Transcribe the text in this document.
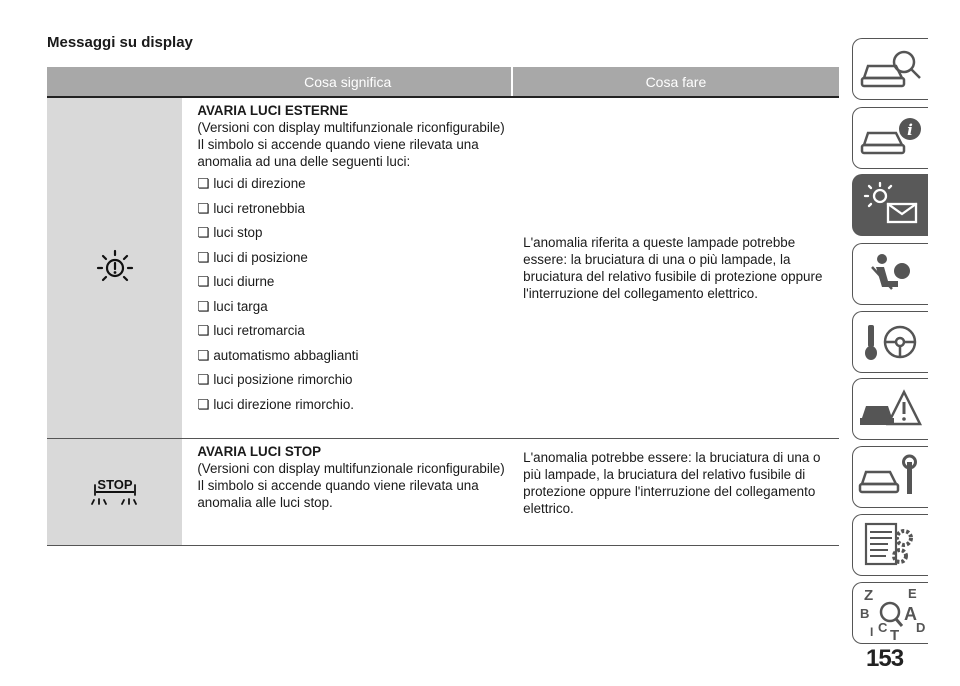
Messaggi su display
Cosa significa	Cosa fare
AVARIA LUCI ESTERNE
(Versioni con display multifunzionale riconfigurabile)
Il simbolo si accende quando viene rilevata una anomalia ad una delle seguenti luci:
❏ luci di direzione
❏ luci retronebbia
❏ luci stop
❏ luci di posizione
❏ luci diurne
❏ luci targa
❏ luci retromarcia
❏ automatismo abbaglianti
❏ luci posizione rimorchio
❏ luci direzione rimorchio.
L'anomalia riferita a queste lampade potrebbe essere: la bruciatura di una o più lampade, la bruciatura del relativo fusibile di protezione oppure l'interruzione del collegamento elettrico.
STOP
AVARIA LUCI STOP
(Versioni con display multifunzionale riconfigurabile)
Il simbolo si accende quando viene rilevata una anomalia alle luci stop.
L'anomalia potrebbe essere: la bruciatura di una o più lampade, la bruciatura del relativo fusibile di protezione oppure l'interruzione del collegamento elettrico.
i
Z	E
B A
C D
T
I
153
